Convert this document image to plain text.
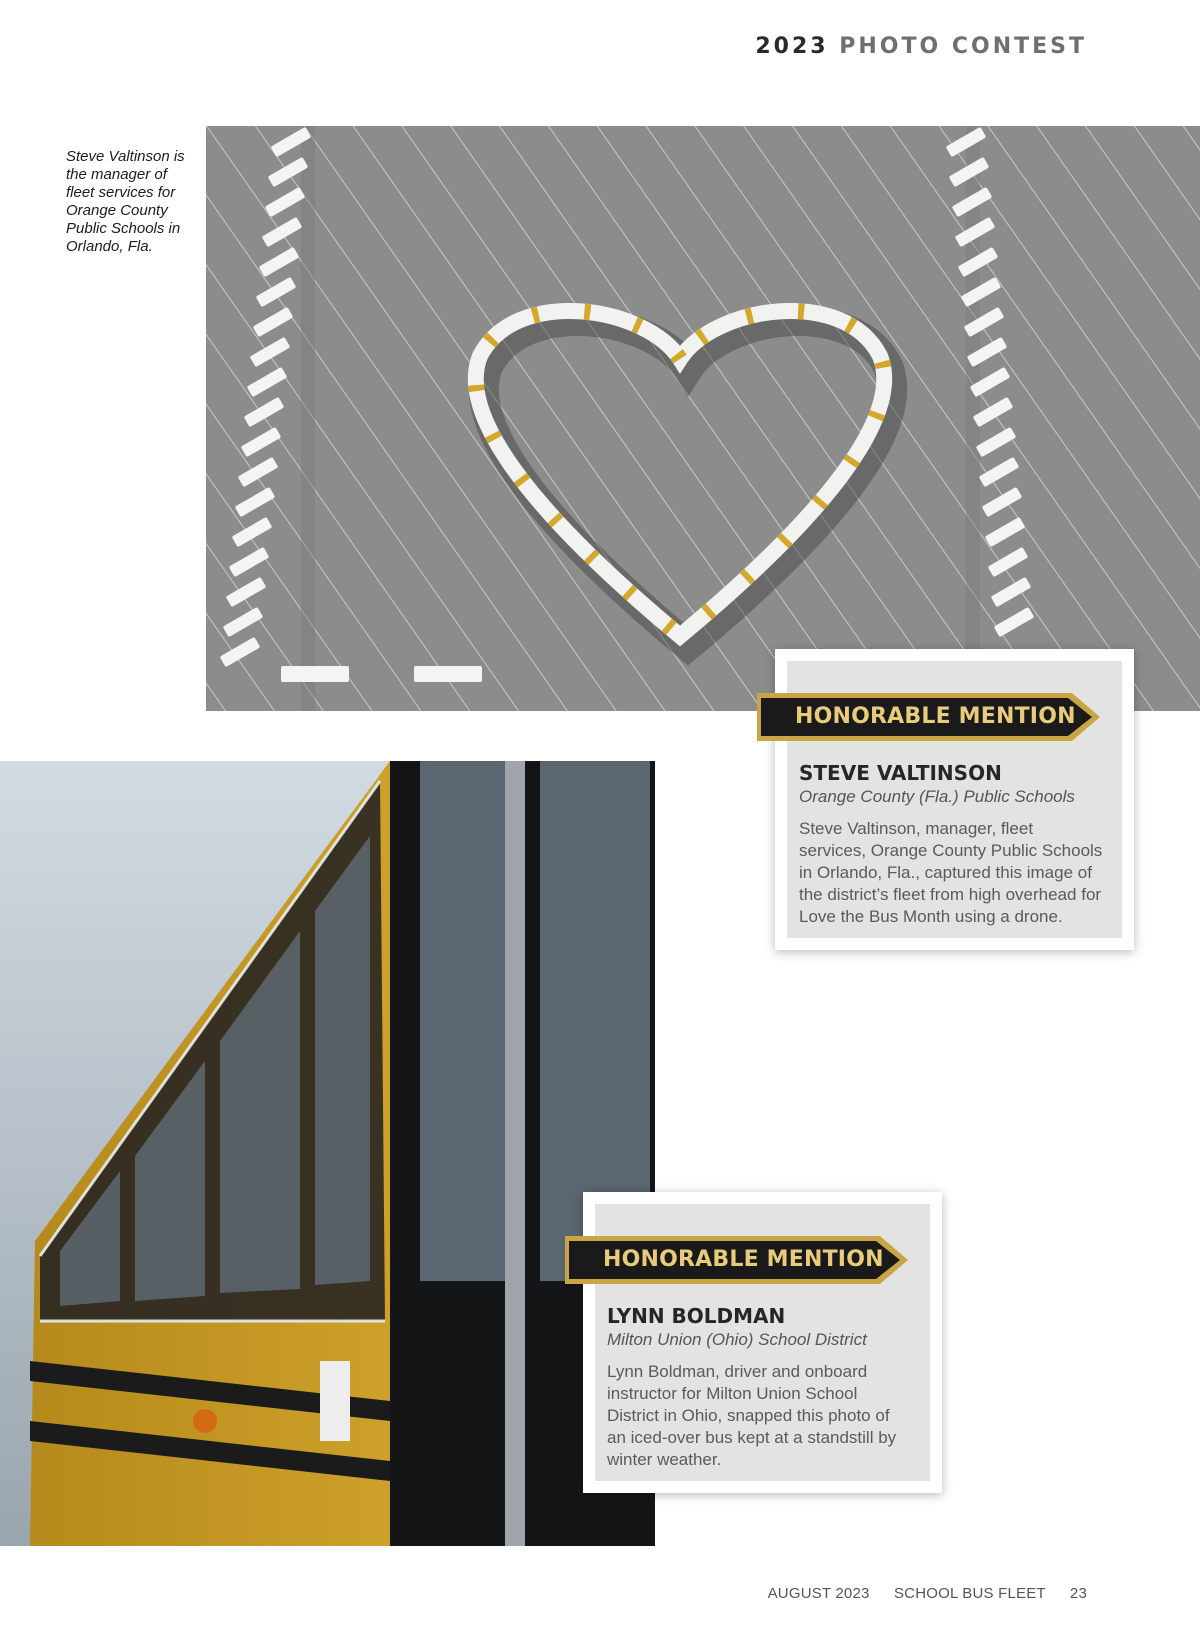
2023 PHOTO CONTEST
Steve Valtinson is the manager of fleet services for Orange County Public Schools in Orlando, Fla.
HONORABLE MENTION
STEVE VALTINSON
Orange County (Fla.) Public Schools
Steve Valtinson, manager, fleet services, Orange County Public Schools in Orlando, Fla., captured this image of the district’s fleet from high overhead for Love the Bus Month using a drone.
HONORABLE MENTION
LYNN BOLDMAN
Milton Union (Ohio) School District
Lynn Boldman, driver and onboard instructor for Milton Union School District in Ohio, snapped this photo of an iced-over bus kept at a standstill by winter weather.
AUGUST 2023 SCHOOL BUS FLEET 23
